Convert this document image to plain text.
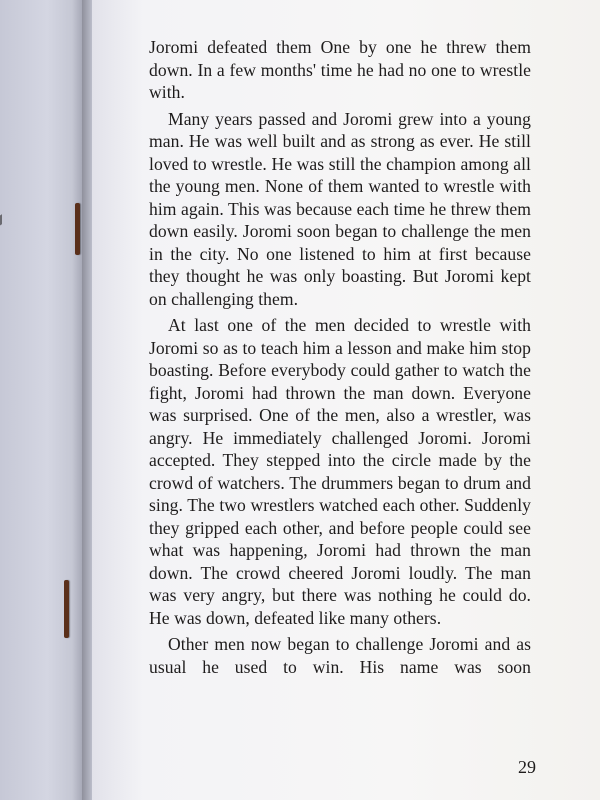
Joromi defeated them One by one he threw them down. In a few months' time he had no one to wrestle with.

Many years passed and Joromi grew into a young man. He was well built and as strong as ever. He still loved to wrestle. He was still the champion among all the young men. None of them wanted to wrestle with him again. This was because each time he threw them down easily. Joromi soon began to challenge the men in the city. No one listened to him at first because they thought he was only boasting. But Joromi kept on challenging them.

At last one of the men decided to wrestle with Joromi so as to teach him a lesson and make him stop boasting. Before everybody could gather to watch the fight, Joromi had thrown the man down. Everyone was surprised. One of the men, also a wrestler, was angry. He immediately challenged Joromi. Joromi accepted. They stepped into the circle made by the crowd of watchers. The drummers began to drum and sing. The two wrestlers watched each other. Suddenly they gripped each other, and before people could see what was happening, Joromi had thrown the man down. The crowd cheered Joromi loudly. The man was very angry, but there was nothing he could do. He was down, defeated like many others.

Other men now began to challenge Joromi and as usual he used to win. His name was soon

29
